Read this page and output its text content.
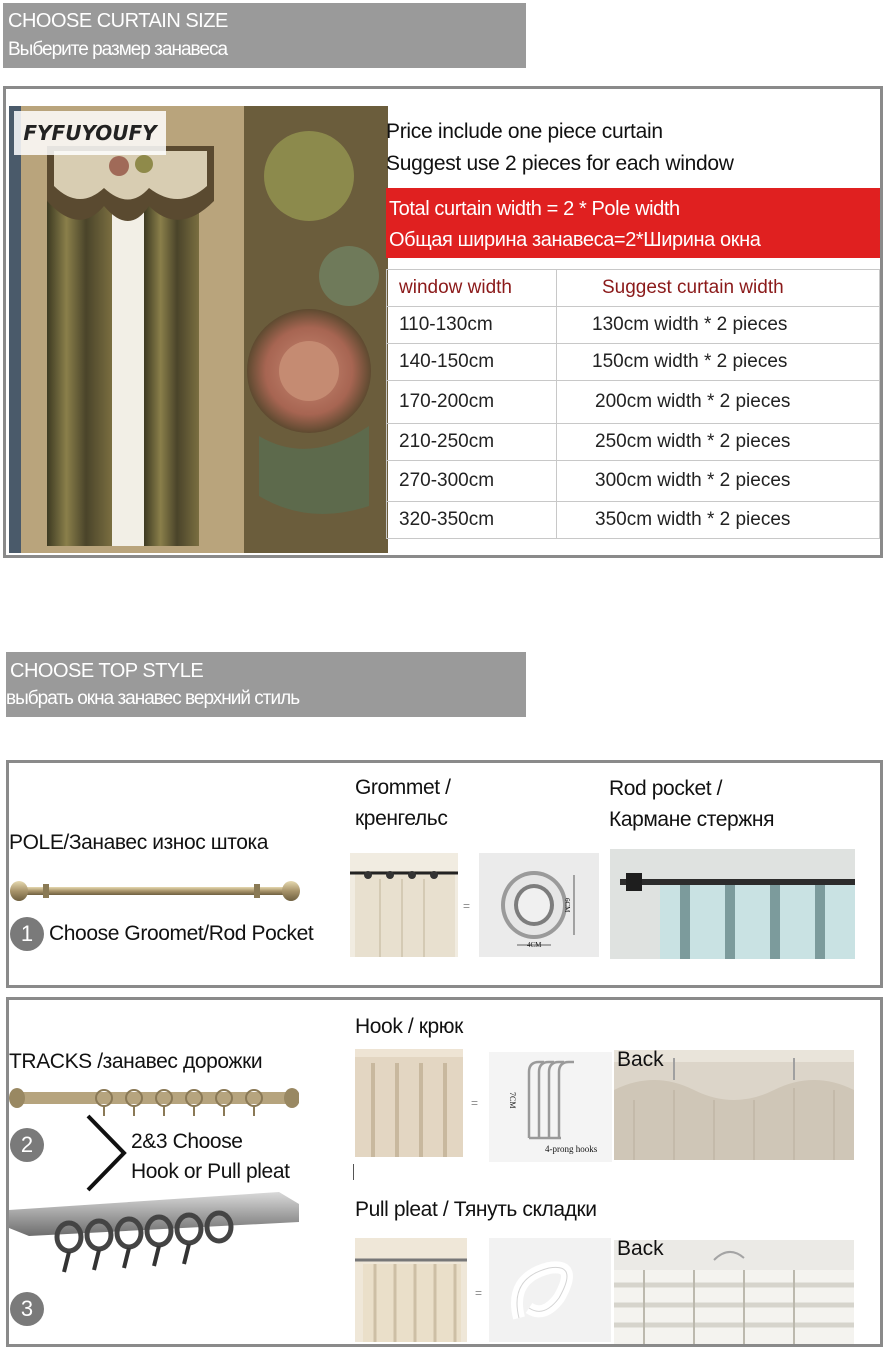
CHOOSE CURTAIN SIZE
Выберите размер занавеса
FYFUYOUFY	Price include one piece curtain
Suggest use 2 pieces for each window
Total curtain width = 2 * Pole width
Общая ширина занавеса=2*Ширина окна
window width	Suggest curtain width
110-130cm	130cm width * 2 pieces
140-150cm	150cm width * 2 pieces
170-200cm	200cm width * 2 pieces
210-250cm	250cm width * 2 pieces
270-300cm	300cm width * 2 pieces
320-350cm	350cm width * 2 pieces
CHOOSE TOP STYLE
выбрать окна занавес верхний стиль
POLE/Занавес износ штока
1 Choose Groomet/Rod Pocket
Grommet /
кренгельс
Rod pocket /
Кармане стержня
=	6CM
4CM
TRACKS /занавес дорожки
2	2&3 Choose
Hook or Pull pleat
3
Hook / крюк
=	7CM
4-prong hooks
Back
Pull pleat / Тянуть складки
=
Back
